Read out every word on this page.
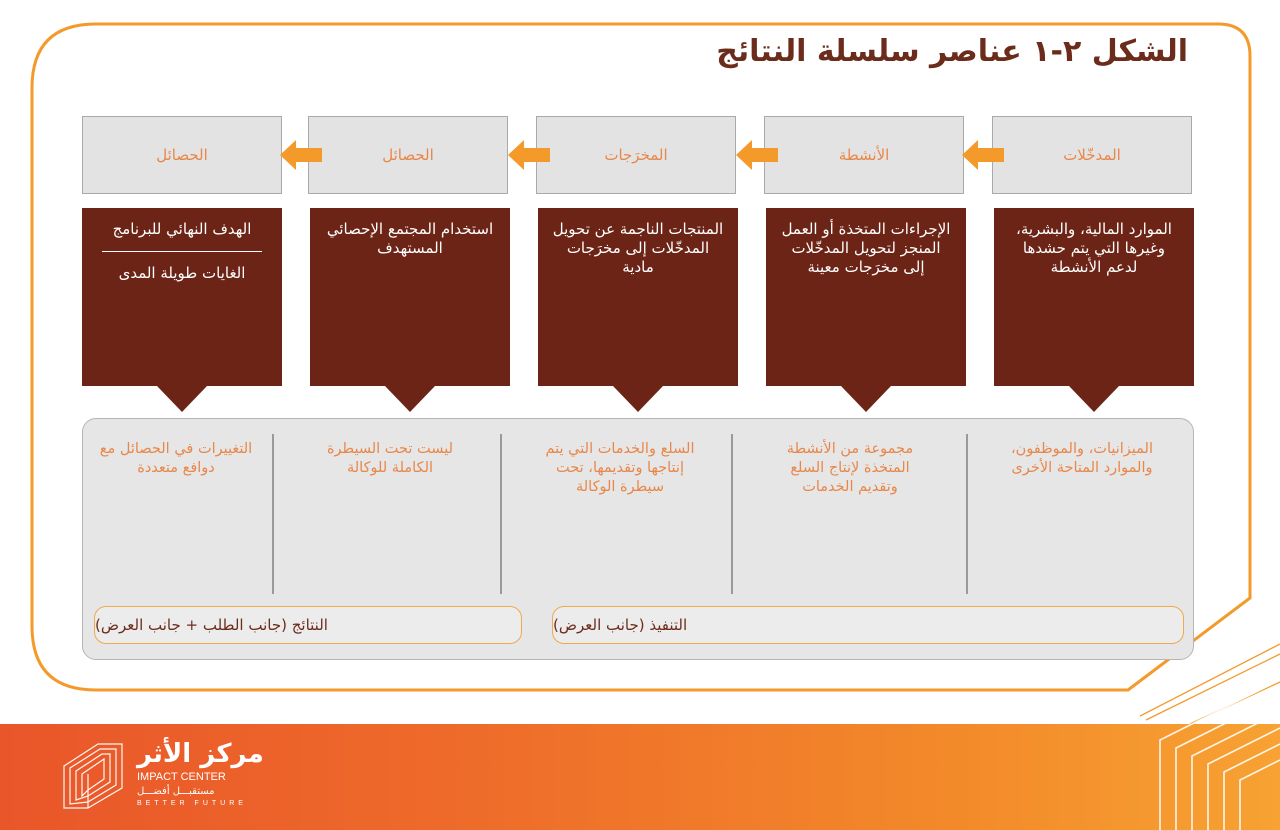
الشكل ٢-١ عناصر سلسلة النتائج
المدخّلات
الأنشطة
المخرَجات
الحصائل
الحصائل
الموارد المالية، والبشرية، وغيرها التي يتم حشدها لدعم الأنشطة
الإجراءات المتخذة أو العمل المنجز لتحويل المدخّلات إلى مخرَجات معينة
المنتجات الناجمة عن تحويل المدخّلات إلى مخرَجات مادية
استخدام المجتمع الإحصائي المستهدف
الهدف النهائي للبرنامج
الغايات طويلة المدى
الميزانيات، والموظفون، والموارد المتاحة الأخرى
مجموعة من الأنشطة المتخذة لإنتاج السلع وتقديم الخدمات
السلع والخدمات التي يتم إنتاجها وتقديمها، تحت سيطرة الوكالة
ليست تحت السيطرة الكاملة للوكالة
التغييرات في الحصائل مع دوافع متعددة
التنفيذ (جانب العرض)
النتائج (جانب الطلب + جانب العرض)
مركز الأثر
IMPACT CENTER
مستقبـــل أفضـــل
BETTER FUTURE
